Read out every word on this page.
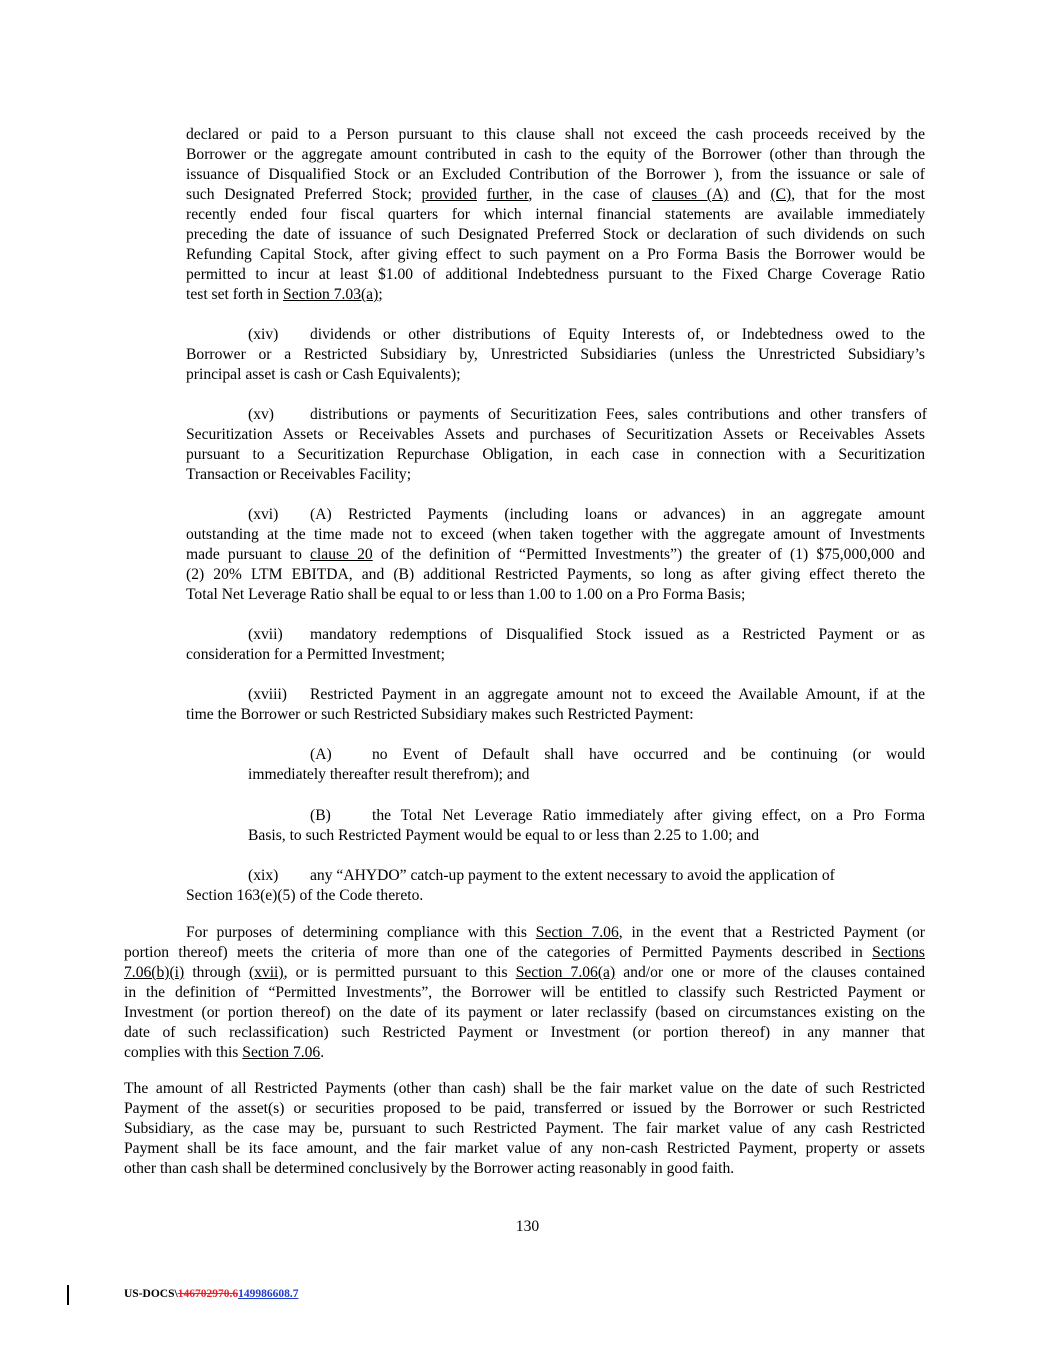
declared or paid to a Person pursuant to this clause shall not exceed the cash proceeds received by the
Borrower or the aggregate amount contributed in cash to the equity of the Borrower (other than through the
issuance of Disqualified Stock or an Excluded Contribution of the Borrower ), from the issuance or sale of
such Designated Preferred Stock; provided further, in the case of clauses (A) and (C), that for the most
recently ended four fiscal quarters for which internal financial statements are available immediately
preceding the date of issuance of such Designated Preferred Stock or declaration of such dividends on such
Refunding Capital Stock, after giving effect to such payment on a Pro Forma Basis the Borrower would be
permitted to incur at least $1.00 of additional Indebtedness pursuant to the Fixed Charge Coverage Ratio
test set forth in Section 7.03(a);
(xiv) dividends or other distributions of Equity Interests of, or Indebtedness owed to the
Borrower or a Restricted Subsidiary by, Unrestricted Subsidiaries (unless the Unrestricted Subsidiary’s
principal asset is cash or Cash Equivalents);
(xv) distributions or payments of Securitization Fees, sales contributions and other transfers of
Securitization Assets or Receivables Assets and purchases of Securitization Assets or Receivables Assets
pursuant to a Securitization Repurchase Obligation, in each case in connection with a Securitization
Transaction or Receivables Facility;
(xvi) (A) Restricted Payments (including loans or advances) in an aggregate amount
outstanding at the time made not to exceed (when taken together with the aggregate amount of Investments
made pursuant to clause 20 of the definition of “Permitted Investments”) the greater of (1) $75,000,000 and
(2) 20% LTM EBITDA, and (B) additional Restricted Payments, so long as after giving effect thereto the
Total Net Leverage Ratio shall be equal to or less than 1.00 to 1.00 on a Pro Forma Basis;
(xvii) mandatory redemptions of Disqualified Stock issued as a Restricted Payment or as
consideration for a Permitted Investment;
(xviii) Restricted Payment in an aggregate amount not to exceed the Available Amount, if at the
time the Borrower or such Restricted Subsidiary makes such Restricted Payment:
(A)	no Event of Default shall have occurred and be continuing (or would
immediately thereafter result therefrom); and
(B)	the Total Net Leverage Ratio immediately after giving effect, on a Pro Forma
Basis, to such Restricted Payment would be equal to or less than 2.25 to 1.00; and
(xix) any “AHYDO” catch-up payment to the extent necessary to avoid the application of
Section 163(e)(5) of the Code thereto.
For purposes of determining compliance with this Section 7.06, in the event that a Restricted Payment (or
portion thereof) meets the criteria of more than one of the categories of Permitted Payments described in Sections
7.06(b)(i) through (xvii), or is permitted pursuant to this Section 7.06(a) and/or one or more of the clauses contained
in the definition of “Permitted Investments”, the Borrower will be entitled to classify such Restricted Payment or
Investment (or portion thereof) on the date of its payment or later reclassify (based on circumstances existing on the
date of such reclassification) such Restricted Payment or Investment (or portion thereof) in any manner that
complies with this Section 7.06.
The amount of all Restricted Payments (other than cash) shall be the fair market value on the date of such Restricted
Payment of the asset(s) or securities proposed to be paid, transferred or issued by the Borrower or such Restricted
Subsidiary, as the case may be, pursuant to such Restricted Payment. The fair market value of any cash Restricted
Payment shall be its face amount, and the fair market value of any non-cash Restricted Payment, property or assets
other than cash shall be determined conclusively by the Borrower acting reasonably in good faith.
130
US-DOCS\146702970.6149986608.7
